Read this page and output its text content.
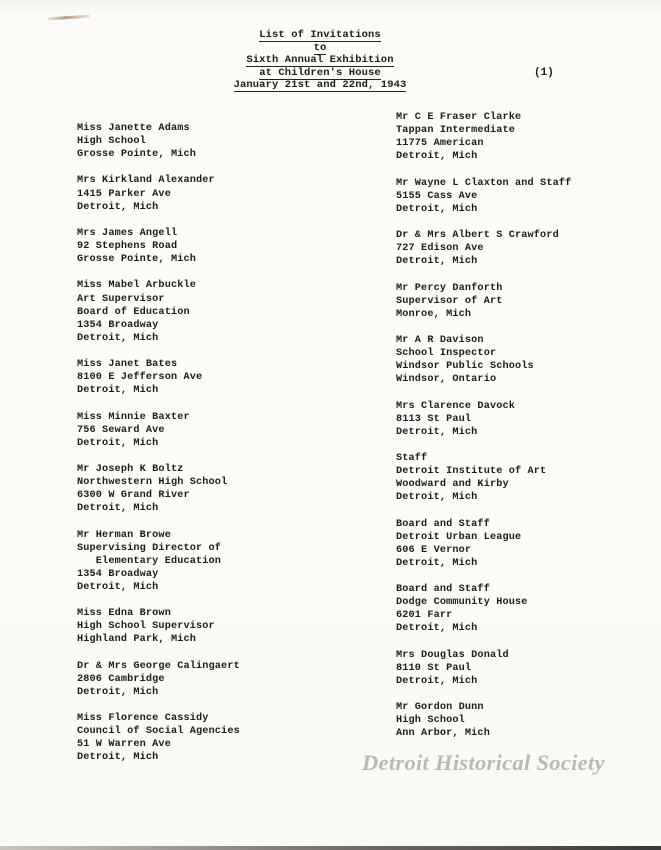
List of Invitations
to
Sixth Annual Exhibition
at Children's House
January 21st and 22nd, 1943
(1)
Miss Janette Adams
High School
Grosse Pointe, Mich
Mrs Kirkland Alexander
1415 Parker Ave
Detroit, Mich
Mrs James Angell
92 Stephens Road
Grosse Pointe, Mich
Miss Mabel Arbuckle
Art Supervisor
Board of Education
1354 Broadway
Detroit, Mich
Miss Janet Bates
8100 E Jefferson Ave
Detroit, Mich
Miss Minnie Baxter
756 Seward Ave
Detroit, Mich
Mr Joseph K Boltz
Northwestern High School
6300 W Grand River
Detroit, Mich
Mr Herman Browe
Supervising Director of
Elementary Education
1354 Broadway
Detroit, Mich
Miss Edna Brown
High School Supervisor
Highland Park, Mich
Dr & Mrs George Calingaert
2806 Cambridge
Detroit, Mich
Miss Florence Cassidy
Council of Social Agencies
51 W Warren Ave
Detroit, Mich
Mr C E Fraser Clarke
Tappan Intermediate
11775 American
Detroit, Mich
Mr Wayne L Claxton and Staff
5155 Cass Ave
Detroit, Mich
Dr & Mrs Albert S Crawford
727 Edison Ave
Detroit, Mich
Mr Percy Danforth
Supervisor of Art
Monroe, Mich
Mr A R Davison
School Inspector
Windsor Public Schools
Windsor, Ontario
Mrs Clarence Davock
8113 St Paul
Detroit, Mich
Staff
Detroit Institute of Art
Woodward and Kirby
Detroit, Mich
Board and Staff
Detroit Urban League
606 E Vernor
Detroit, Mich
Board and Staff
Dodge Community House
6201 Farr
Detroit, Mich
Mrs Douglas Donald
8110 St Paul
Detroit, Mich
Mr Gordon Dunn
High School
Ann Arbor, Mich
Detroit Historical Society
